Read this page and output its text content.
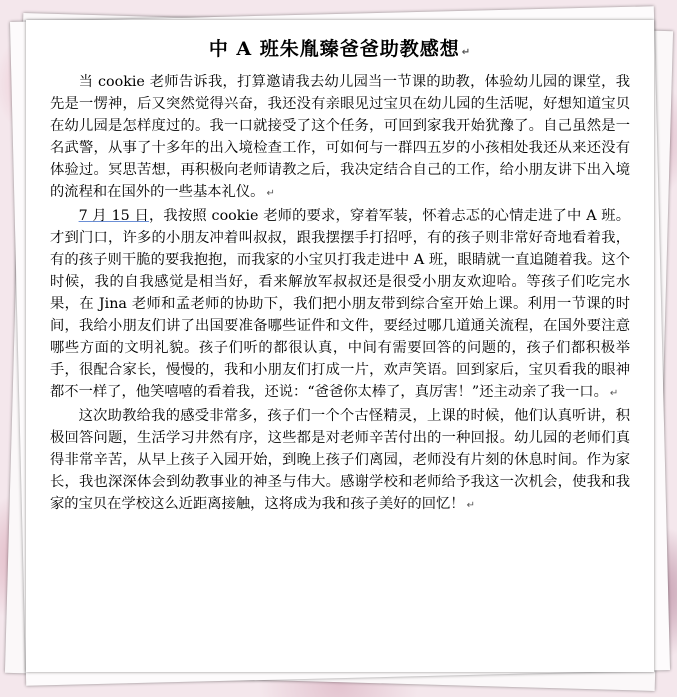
中 A 班朱胤臻爸爸助教感想 ↵

当 cookie 老师告诉我，打算邀请我去幼儿园当一节课的助教，体验幼儿园的课堂，我先是一愣神，后又突然觉得兴奋，我还没有亲眼见过宝贝在幼儿园的生活呢，好想知道宝贝在幼儿园是怎样度过的。我一口就接受了这个任务，可回到家我开始犹豫了。自己虽然是一名武警，从事了十多年的出入境检查工作，可如何与一群四五岁的小孩相处我还从来还没有体验过。冥思苦想，再积极向老师请教之后，我决定结合自己的工作，给小朋友讲下出入境的流程和在国外的一些基本礼仪。 ↵

7 月 15 日，我按照 cookie 老师的要求，穿着军装，怀着忐忑的心情走进了中 A 班。才到门口，许多的小朋友冲着叫叔叔，跟我摆摆手打招呼，有的孩子则非常好奇地看着我，有的孩子则干脆的要我抱抱，而我家的小宝贝打我走进中 A 班，眼睛就一直追随着我。这个时候，我的自我感觉是相当好，看来解放军叔叔还是很受小朋友欢迎哈。等孩子们吃完水果，在 Jina 老师和孟老师的协助下，我们把小朋友带到综合室开始上课。利用一节课的时间，我给小朋友们讲了出国要准备哪些证件和文件，要经过哪几道通关流程，在国外要注意哪些方面的文明礼貌。孩子们听的都很认真，中间有需要回答的问题的，孩子们都积极举手，很配合家长，慢慢的，我和小朋友们打成一片，欢声笑语。回到家后，宝贝看我的眼神都不一样了，他笑嘻嘻的看着我，还说：“爸爸你太棒了，真厉害！”还主动亲了我一口。 ↵

这次助教给我的感受非常多，孩子们一个个古怪精灵，上课的时候，他们认真听讲，积极回答问题，生活学习井然有序，这些都是对老师辛苦付出的一种回报。幼儿园的老师们真得非常辛苦，从早上孩子入园开始，到晚上孩子们离园，老师没有片刻的休息时间。作为家长，我也深深体会到幼教事业的神圣与伟大。感谢学校和老师给予我这一次机会，使我和我家的宝贝在学校这么近距离接触，这将成为我和孩子美好的回忆！ ↵
